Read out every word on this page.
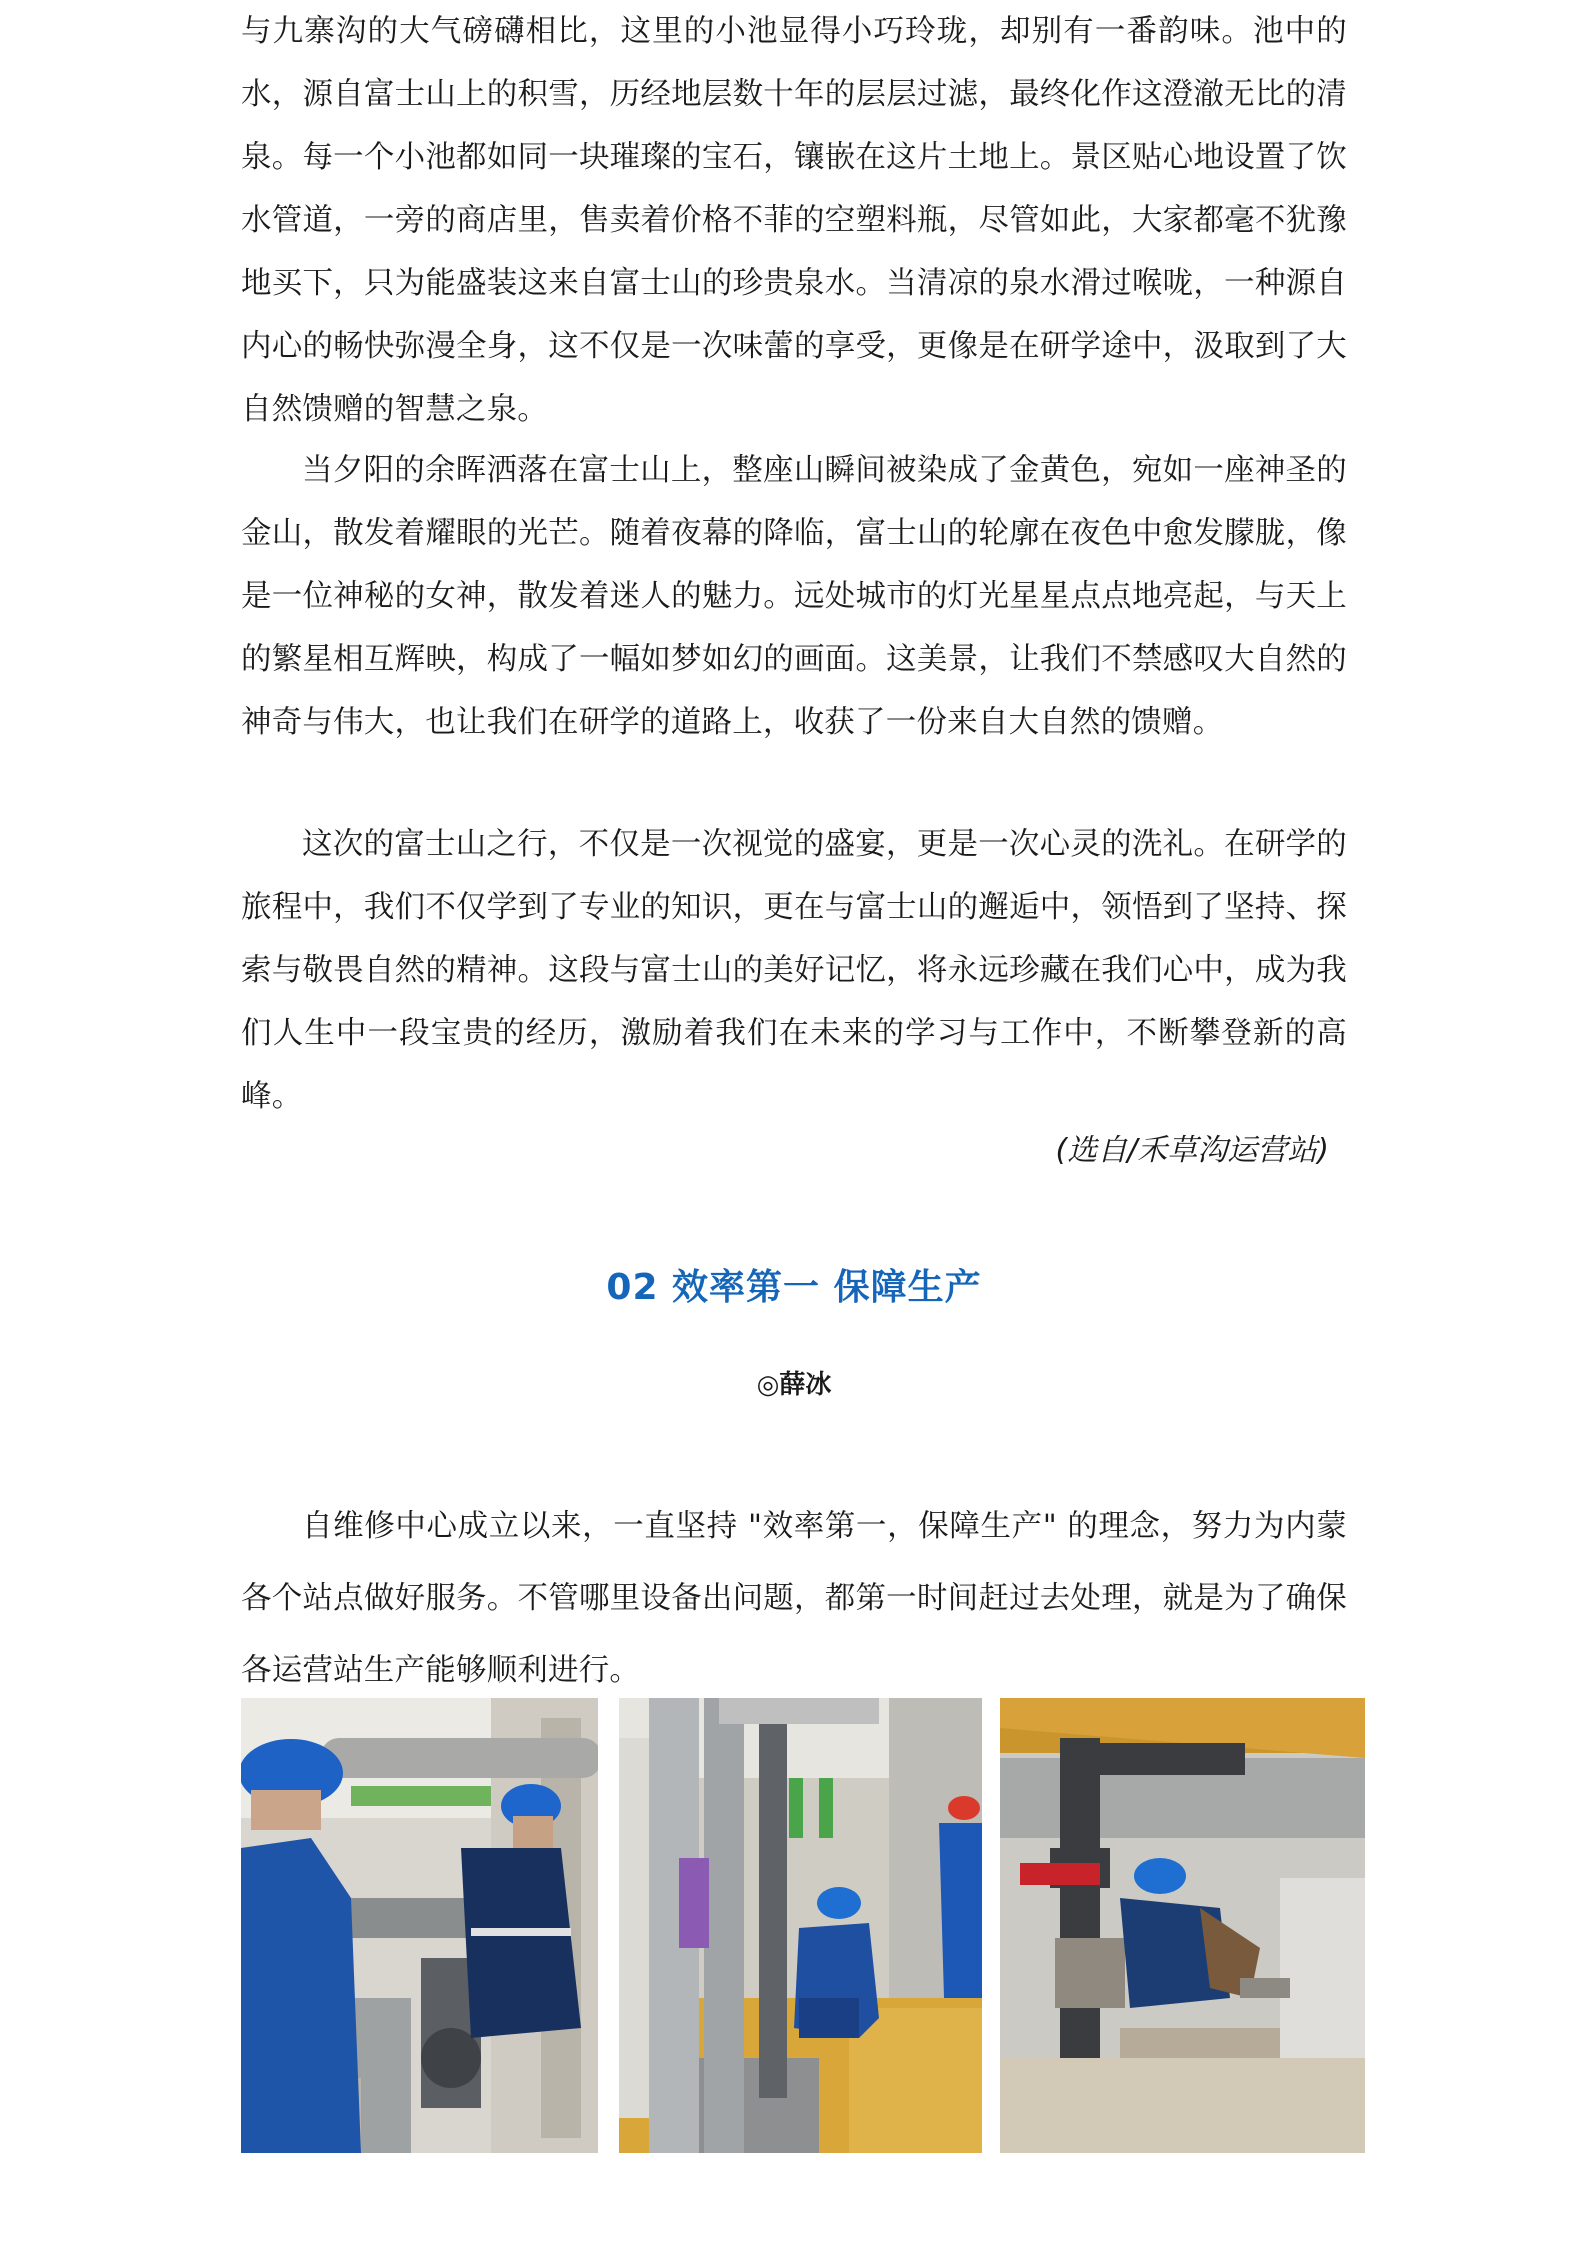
与九寨沟的大气磅礴相比，这里的小池显得小巧玲珑，却别有一番韵味。池中的水，源自富士山上的积雪，历经地层数十年的层层过滤，最终化作这澄澈无比的清泉。每一个小池都如同一块璀璨的宝石，镶嵌在这片土地上。景区贴心地设置了饮水管道，一旁的商店里，售卖着价格不菲的空塑料瓶，尽管如此，大家都毫不犹豫地买下，只为能盛装这来自富士山的珍贵泉水。当清凉的泉水滑过喉咙，一种源自内心的畅快弥漫全身，这不仅是一次味蕾的享受，更像是在研学途中，汲取到了大自然馈赠的智慧之泉。

当夕阳的余晖洒落在富士山上，整座山瞬间被染成了金黄色，宛如一座神圣的金山，散发着耀眼的光芒。随着夜幕的降临，富士山的轮廓在夜色中愈发朦胧，像是一位神秘的女神，散发着迷人的魅力。远处城市的灯光星星点点地亮起，与天上的繁星相互辉映，构成了一幅如梦如幻的画面。这美景，让我们不禁感叹大自然的神奇与伟大，也让我们在研学的道路上，收获了一份来自大自然的馈赠。

这次的富士山之行，不仅是一次视觉的盛宴，更是一次心灵的洗礼。在研学的旅程中，我们不仅学到了专业的知识，更在与富士山的邂逅中，领悟到了坚持、探索与敬畏自然的精神。这段与富士山的美好记忆，将永远珍藏在我们心中，成为我们人生中一段宝贵的经历，激励着我们在未来的学习与工作中，不断攀登新的高峰。

(选自/禾草沟运营站)
02 效率第一 保障生产
◎薛冰

自维修中心成立以来，一直坚持 "效率第一，保障生产" 的理念，努力为内蒙各个站点做好服务。不管哪里设备出问题，都第一时间赶过去处理，就是为了确保各运营站生产能够顺利进行。
